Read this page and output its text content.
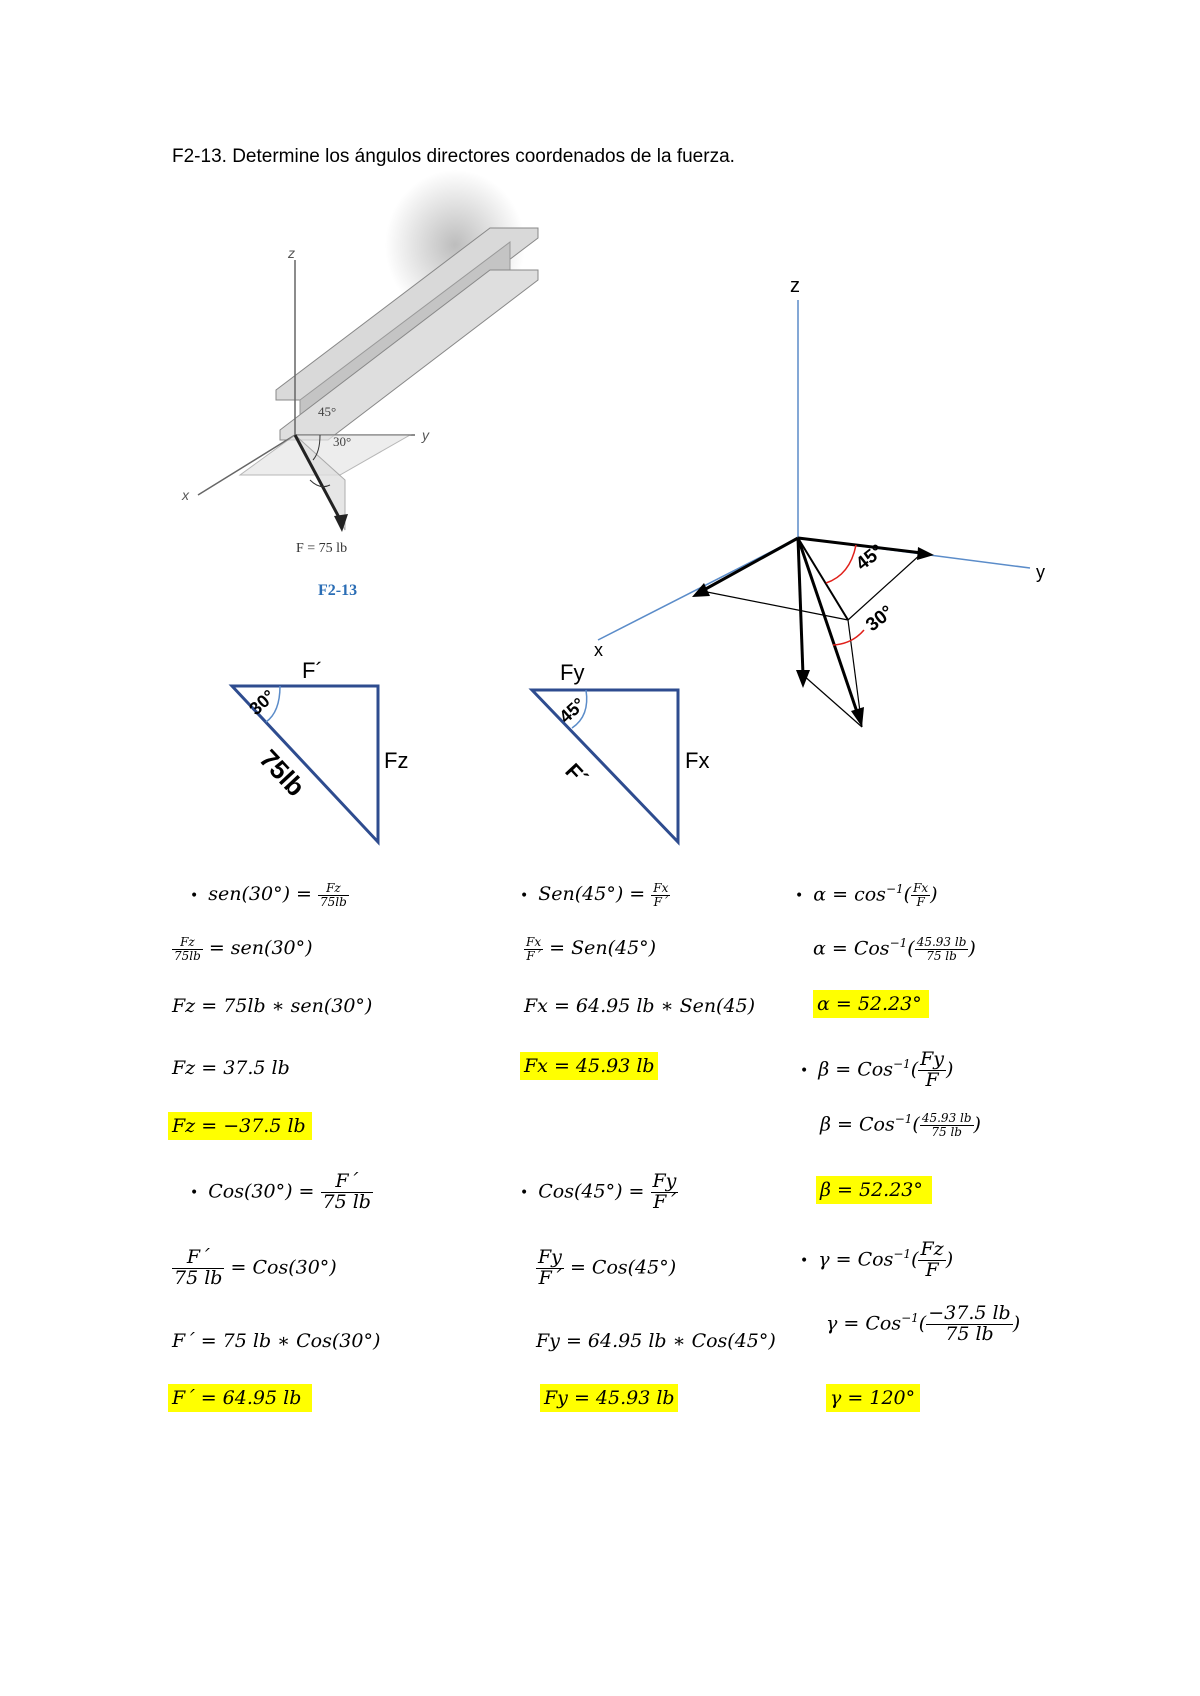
F2-13. Determine los ángulos directores coordenados de la fuerza.
z
y
x
45°
30°
F = 75 lb
F2-13
z
y
x
45°
30°
F´
Fz
30°
75lb
Fy
Fx
45°
F´
• $sen(30^\circ) = \frac{Fz}{75lb}$
$\frac{Fz}{75lb} = sen(30^\circ)$
Fz = 75lb ∗ sen(30°)
Fz = 37.5 lb
Fz = −37.5 lb
• $Cos(30^\circ) = \frac{F´}{75 lb}$
$\frac{F´}{75 lb} = Cos(30^\circ)$
F´ = 75 lb ∗ Cos(30°)
F´ = 64.95 lb
• $Sen(45^\circ) = \frac{Fx}{F´}$
$\frac{Fx}{F´} = Sen(45^\circ)$
Fx = 64.95 lb ∗ Sen(45)
Fx = 45.93 lb
• $Cos(45^\circ) = \frac{Fy}{F´}$
$\frac{Fy}{F´} = Cos(45^\circ)$
Fy = 64.95 lb ∗ Cos(45°)
Fy = 45.93 lb
• $\alpha = \cos^{-1}( \frac{Fx}{F}$ )
$\alpha = Cos^{-1}( \frac{45.93 lb}{75 lb}$ )
α = 52.23°
• $\beta = Cos^{-1}( \frac{Fy}{F}$ )
$\beta = Cos^{-1}( \frac{45.93 lb}{75 lb}$ )
β = 52.23°
• $\gamma = Cos^{-1}( \frac{Fz}{F}$ )
$\gamma = Cos^{-1}( \frac{-37.5 lb}{75 lb}$ )
γ = 120°
